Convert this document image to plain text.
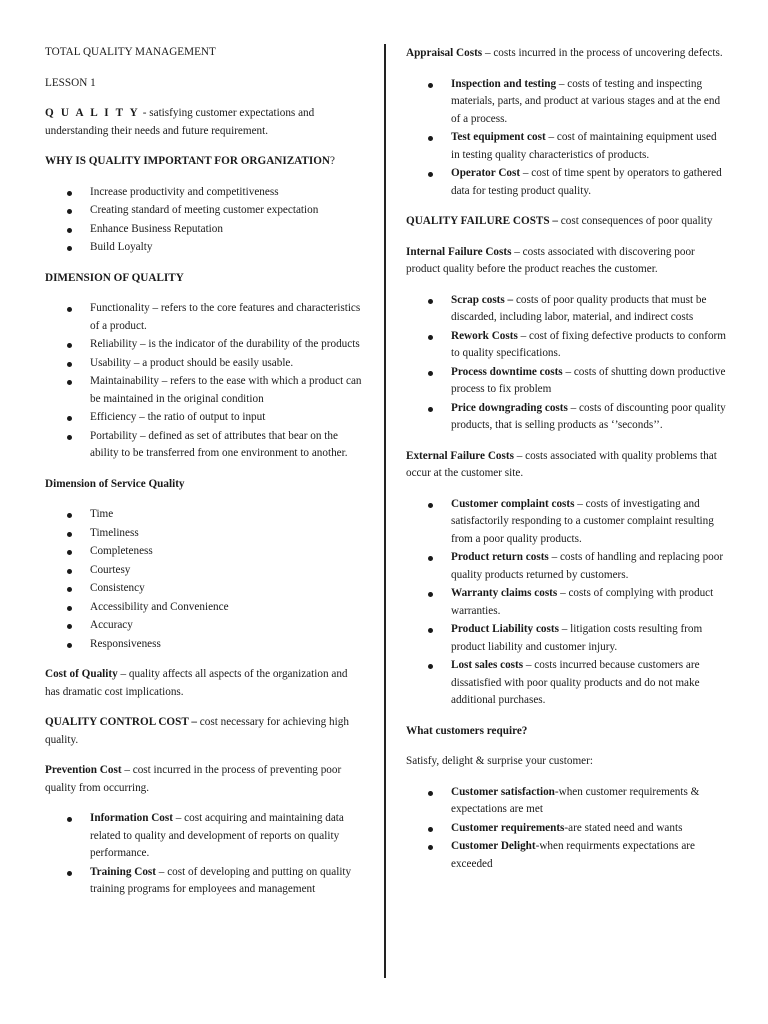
TOTAL QUALITY MANAGEMENT

LESSON 1

Q U A L I T Y - satisfying customer expectations and understanding their needs and future requirement.

WHY IS QUALITY IMPORTANT FOR ORGANIZATION?

Increase productivity and competitiveness
Creating standard of meeting customer expectation
Enhance Business Reputation
Build Loyalty

DIMENSION OF QUALITY

Functionality – refers to the core features and characteristics of a product.
Reliability – is the indicator of the durability of the products
Usability – a product should be easily usable.
Maintainability – refers to the ease with which a product can be maintained in the original condition
Efficiency – the ratio of output to input
Portability – defined as set of attributes that bear on the ability to be transferred from one environment to another.

Dimension of Service Quality

Time
Timeliness
Completeness
Courtesy
Consistency
Accessibility and Convenience
Accuracy
Responsiveness

Cost of Quality – quality affects all aspects of the organization and has dramatic cost implications.

QUALITY CONTROL COST – cost necessary for achieving high quality.

Prevention Cost – cost incurred in the process of preventing poor quality from occurring.

Information Cost – cost acquiring and maintaining data related to quality and development of reports on quality performance.
Training Cost – cost of developing and putting on quality training programs for employees and management

Appraisal Costs – costs incurred in the process of uncovering defects.

Inspection and testing – costs of testing and inspecting materials, parts, and product at various stages and at the end of a process.
Test equipment cost – cost of maintaining equipment used in testing quality characteristics of products.
Operator Cost – cost of time spent by operators to gathered data for testing product quality.

QUALITY FAILURE COSTS – cost consequences of poor quality

Internal Failure Costs – costs associated with discovering poor product quality before the product reaches the customer.

Scrap costs – costs of poor quality products that must be discarded, including labor, material, and indirect costs
Rework Costs – cost of fixing defective products to conform to quality specifications.
Process downtime costs – costs of shutting down productive process to fix problem
Price downgrading costs – costs of discounting poor quality products, that is selling products as ‘’seconds’’.

External Failure Costs – costs associated with quality problems that occur at the customer site.

Customer complaint costs – costs of investigating and satisfactorily responding to a customer complaint resulting from a poor quality products.
Product return costs – costs of handling and replacing poor quality products returned by customers.
Warranty claims costs – costs of complying with product warranties.
Product Liability costs – litigation costs resulting from product liability and customer injury.
Lost sales costs – costs incurred because customers are dissatisfied with poor quality products and do not make additional purchases.

What customers require?

Satisfy, delight & surprise your customer:

Customer satisfaction-when customer requirements & expectations are met
Customer requirements-are stated need and wants
Customer Delight-when requirments expectations are exceeded
